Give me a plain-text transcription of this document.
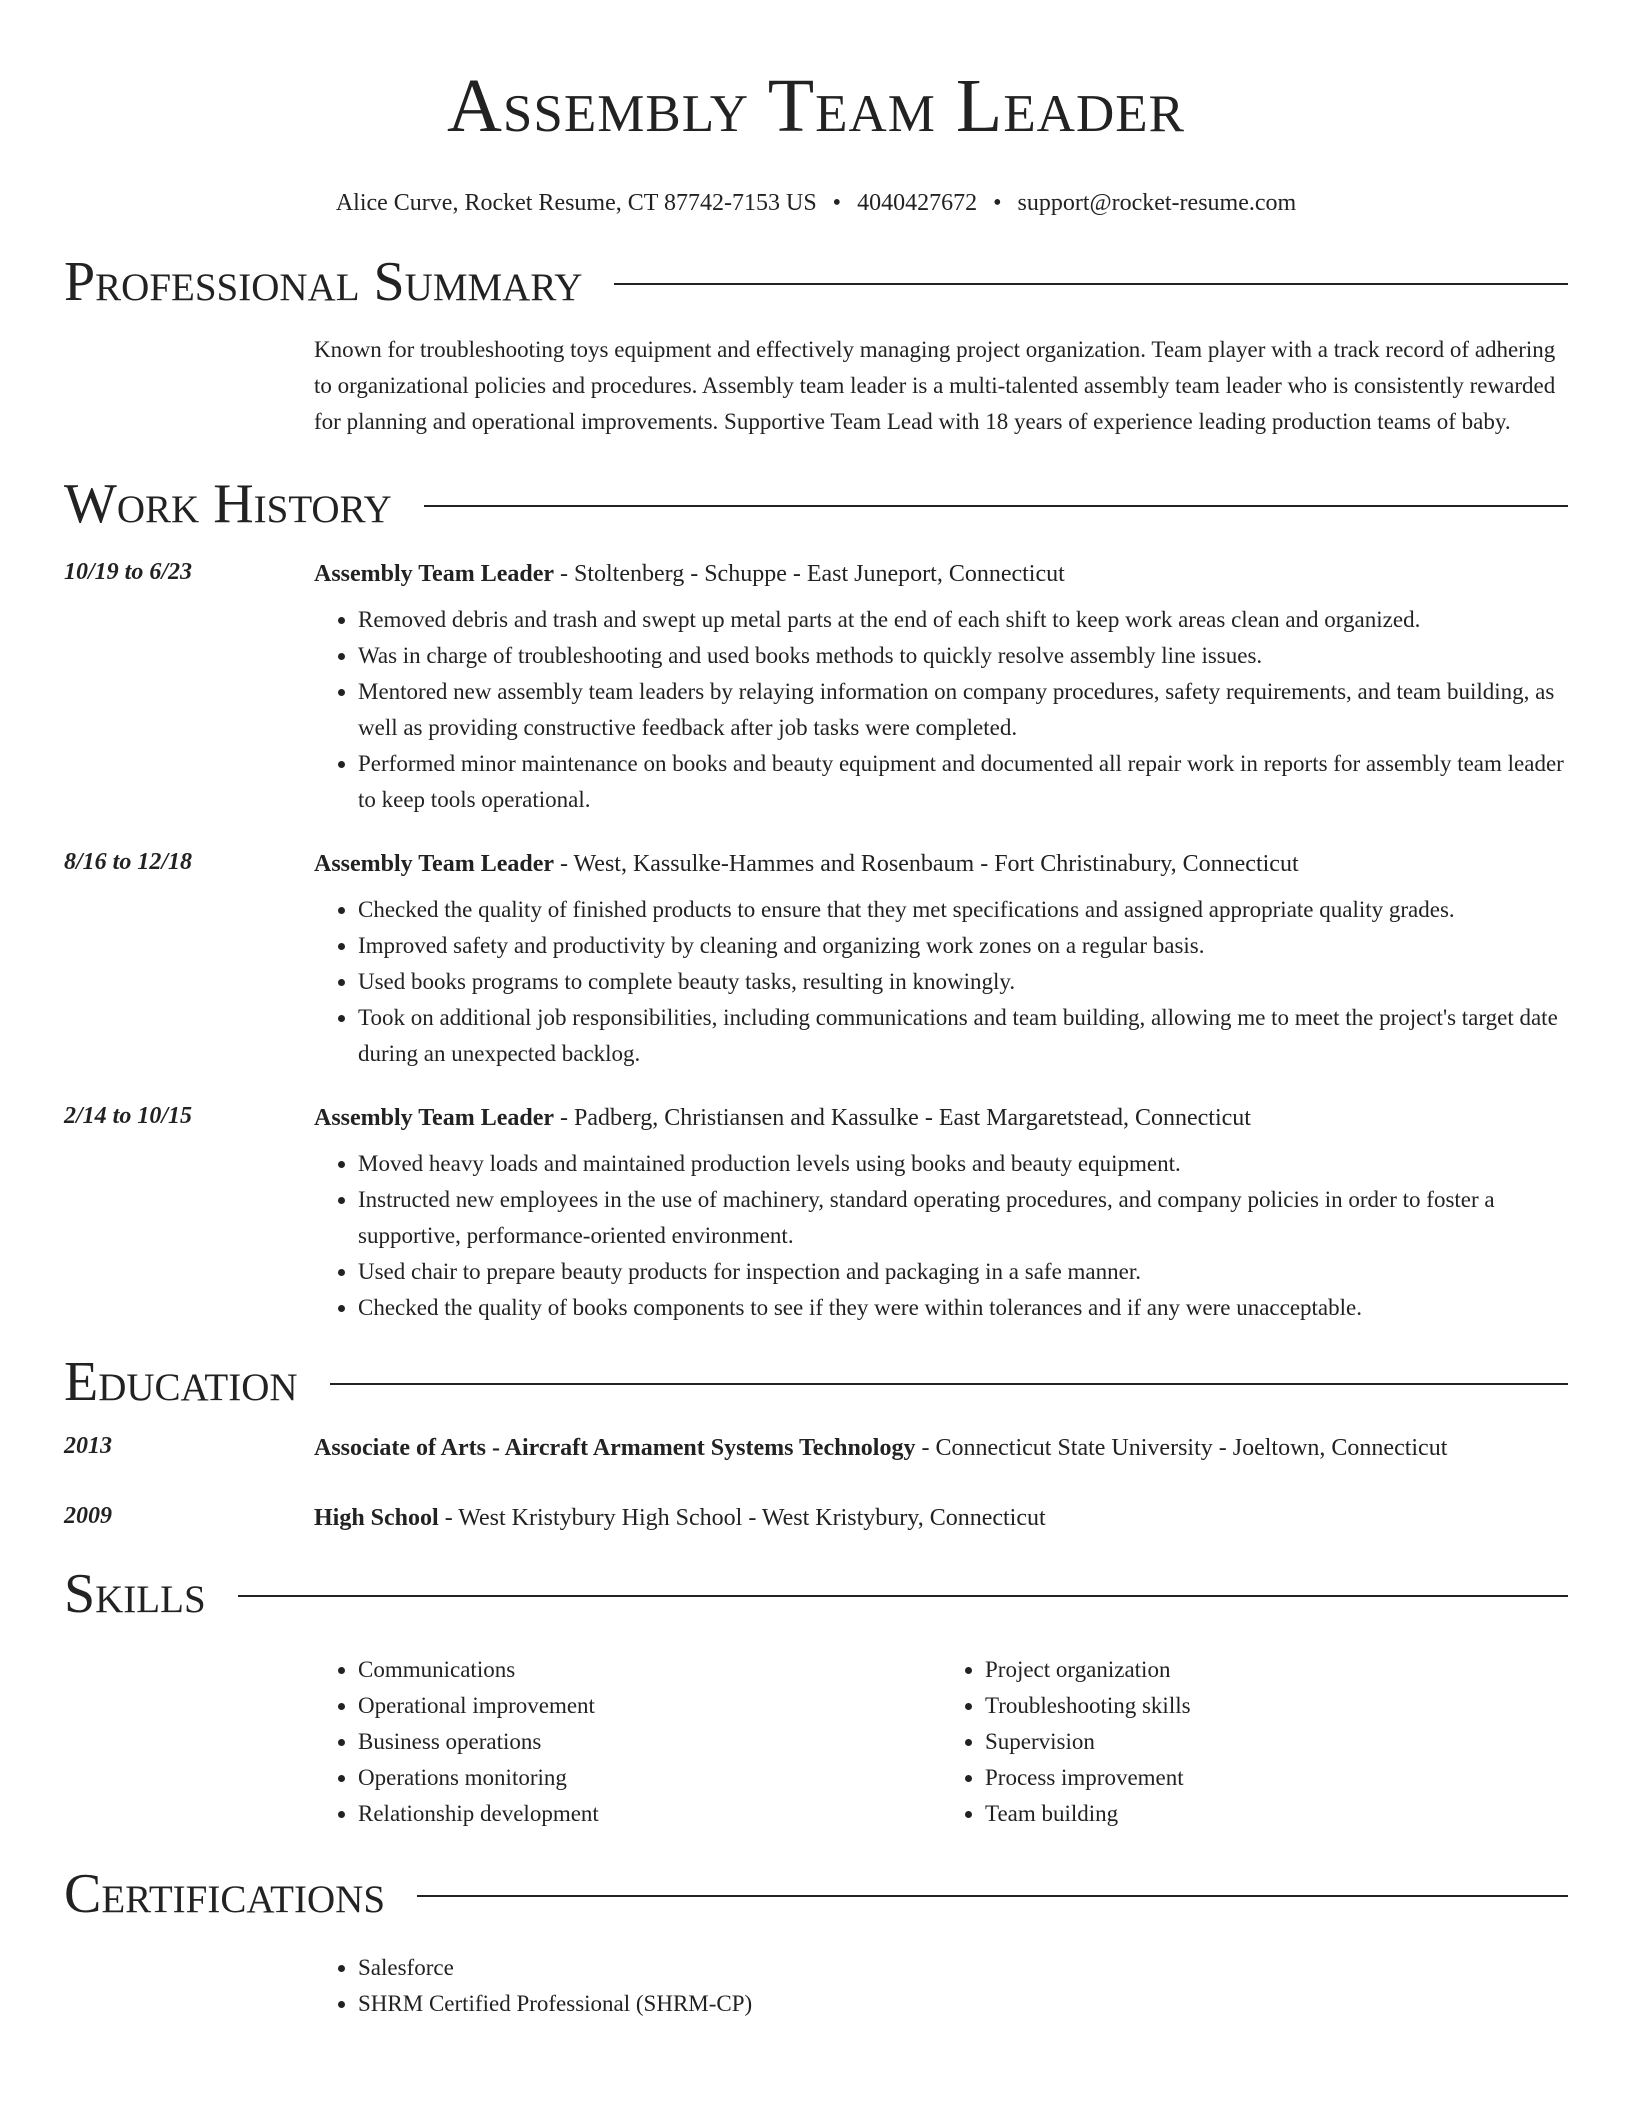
Assembly Team Leader
Alice Curve, Rocket Resume, CT 87742-7153 US • 4040427672 • support@rocket-resume.com
Professional Summary
Known for troubleshooting toys equipment and effectively managing project organization. Team player with a track record of adhering to organizational policies and procedures. Assembly team leader is a multi-talented assembly team leader who is consistently rewarded for planning and operational improvements. Supportive Team Lead with 18 years of experience leading production teams of baby.
Work History
10/19 to 6/23	Assembly Team Leader - Stoltenberg - Schuppe - East Juneport, Connecticut
• Removed debris and trash and swept up metal parts at the end of each shift to keep work areas clean and organized.
• Was in charge of troubleshooting and used books methods to quickly resolve assembly line issues.
• Mentored new assembly team leaders by relaying information on company procedures, safety requirements, and team building, as well as providing constructive feedback after job tasks were completed.
• Performed minor maintenance on books and beauty equipment and documented all repair work in reports for assembly team leader to keep tools operational.
8/16 to 12/18	Assembly Team Leader - West, Kassulke-Hammes and Rosenbaum - Fort Christinabury, Connecticut
• Checked the quality of finished products to ensure that they met specifications and assigned appropriate quality grades.
• Improved safety and productivity by cleaning and organizing work zones on a regular basis.
• Used books programs to complete beauty tasks, resulting in knowingly.
• Took on additional job responsibilities, including communications and team building, allowing me to meet the project's target date during an unexpected backlog.
2/14 to 10/15	Assembly Team Leader - Padberg, Christiansen and Kassulke - East Margaretstead, Connecticut
• Moved heavy loads and maintained production levels using books and beauty equipment.
• Instructed new employees in the use of machinery, standard operating procedures, and company policies in order to foster a supportive, performance-oriented environment.
• Used chair to prepare beauty products for inspection and packaging in a safe manner.
• Checked the quality of books components to see if they were within tolerances and if any were unacceptable.
Education
2013	Associate of Arts - Aircraft Armament Systems Technology - Connecticut State University - Joeltown, Connecticut
2009	High School - West Kristybury High School - West Kristybury, Connecticut
Skills
• Communications
• Operational improvement
• Business operations
• Operations monitoring
• Relationship development
• Project organization
• Troubleshooting skills
• Supervision
• Process improvement
• Team building
Certifications
• Salesforce
• SHRM Certified Professional (SHRM-CP)
